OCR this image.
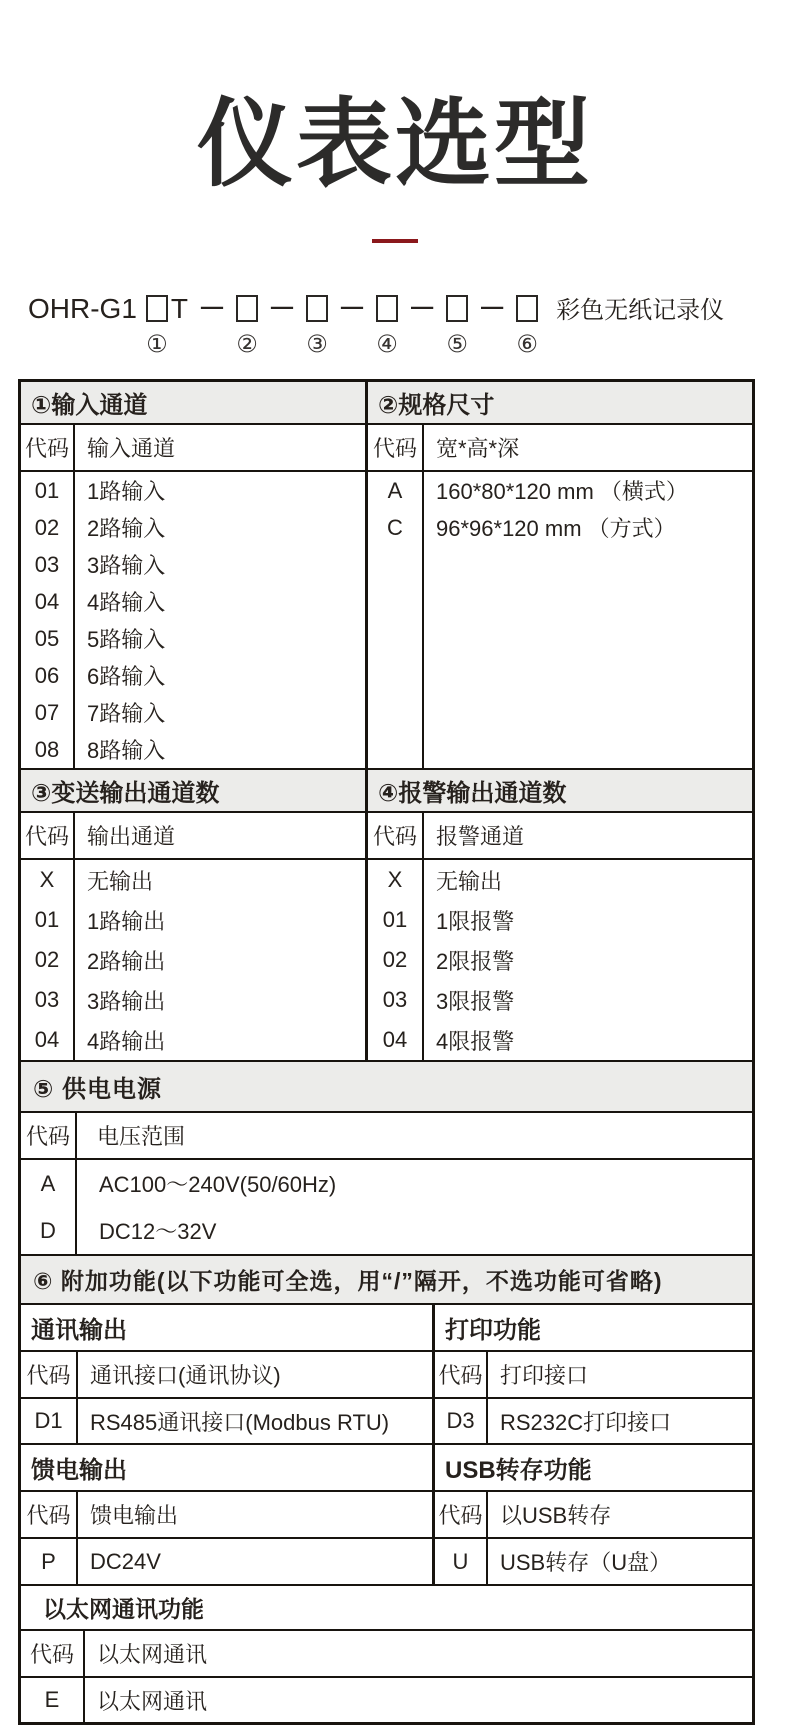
仪表选型
OHR-G1
①
T －
②
－
③
－
④
－
⑤
－
⑥
彩色无纸记录仪
①输入通道
代码 输入通道
01	1路输入
02	2路输入
03	3路输入
04	4路输入
05	5路输入
06	6路输入
07	7路输入
08	8路输入
②规格尺寸
代码 宽*高*深
A	160*80*120 mm （横式）
C	96*96*120 mm （方式）
③变送输出通道数
代码 输出通道
X	无输出
01	1路输出
02	2路输出
03	3路输出
04	4路输出
④报警输出通道数
代码 报警通道
X	无输出
01	1限报警
02	2限报警
03	3限报警
04	4限报警
⑤ 供电电源
代码	电压范围
A	AC100～240V(50/60Hz)
D	DC12～32V
⑥ 附加功能(以下功能可全选，用“/”隔开，不选功能可省略)
通讯输出
代码 通讯接口(通讯协议)
D1	RS485通讯接口(Modbus RTU)
打印功能
代码 打印接口
D3	RS232C打印接口
馈电输出
代码 馈电输出
P	DC24V
USB转存功能
代码 以USB转存
U	USB转存（U盘）
以太网通讯功能
代码	以太网通讯
E	以太网通讯
